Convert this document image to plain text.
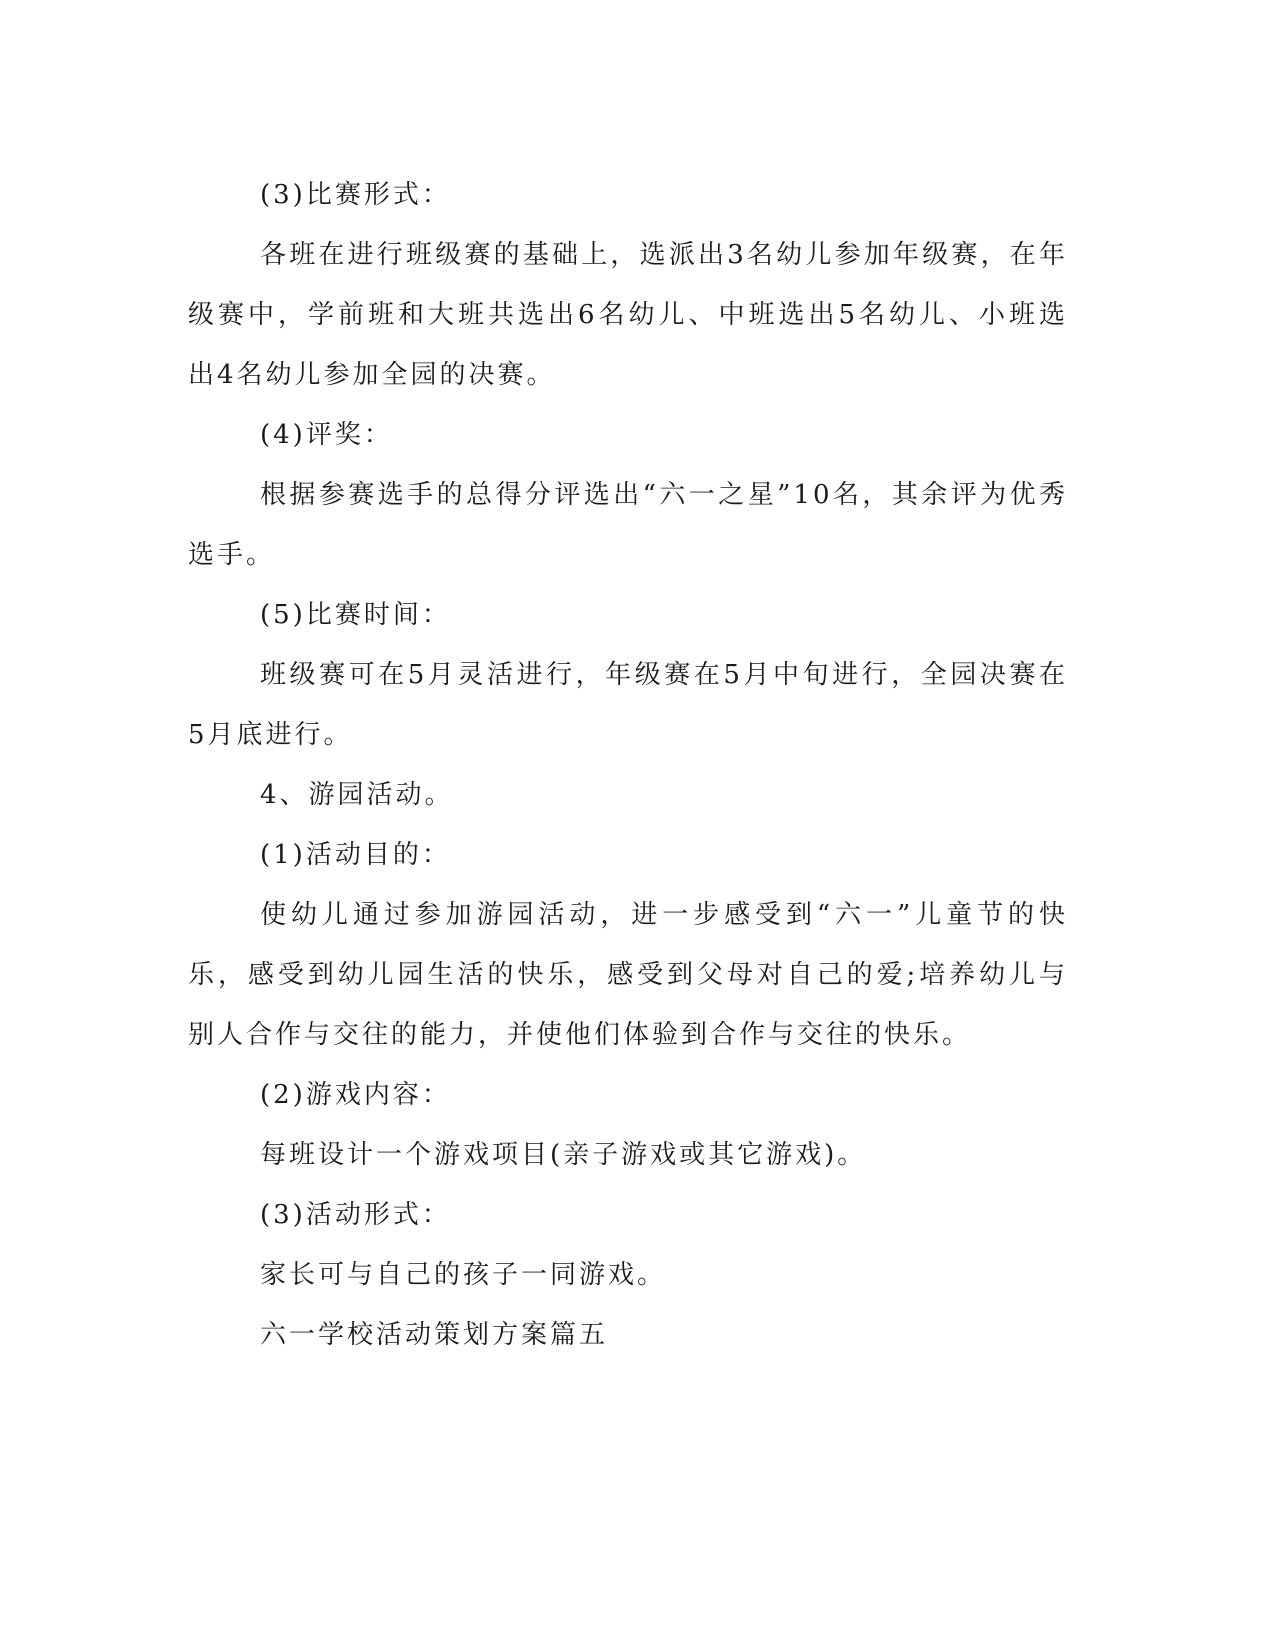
(3)比赛形式：

各班在进行班级赛的基础上，选派出3名幼儿参加年级赛，在年级赛中，学前班和大班共选出6名幼儿、中班选出5名幼儿、小班选出4名幼儿参加全园的决赛。

(4)评奖：

根据参赛选手的总得分评选出“六一之星”10名，其余评为优秀选手。

(5)比赛时间：

班级赛可在5月灵活进行，年级赛在5月中旬进行，全园决赛在5月底进行。

4、游园活动。

(1)活动目的：

使幼儿通过参加游园活动，进一步感受到“六一”儿童节的快乐，感受到幼儿园生活的快乐，感受到父母对自己的爱;培养幼儿与别人合作与交往的能力，并使他们体验到合作与交往的快乐。

(2)游戏内容：

每班设计一个游戏项目(亲子游戏或其它游戏)。

(3)活动形式：

家长可与自己的孩子一同游戏。

六一学校活动策划方案篇五
